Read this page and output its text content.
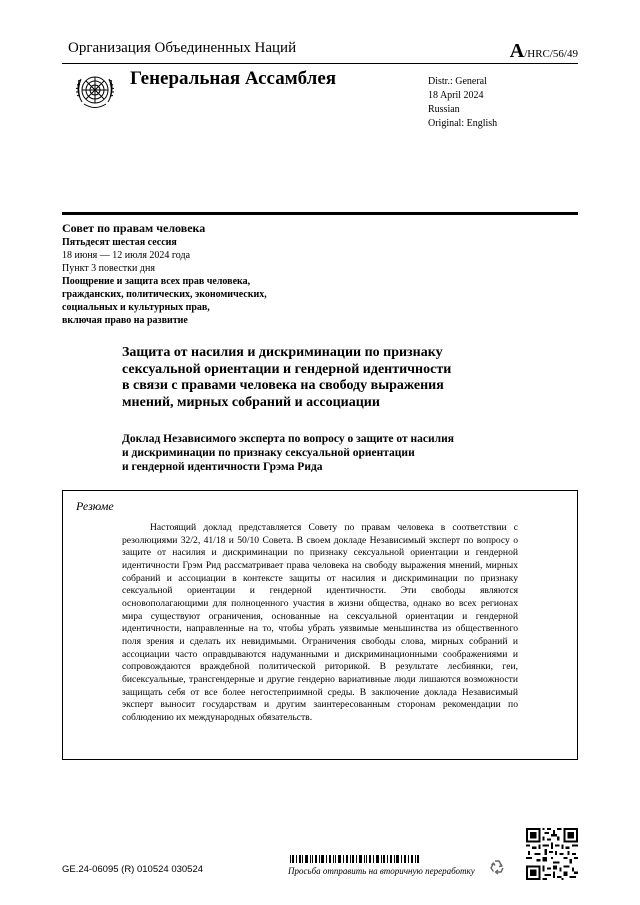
Организация Объединенных Наций	A/HRC/56/49
Генеральная Ассамблея	Distr.: General
18 April 2024
Russian
Original: English
Совет по правам человека
Пятьдесят шестая сессия
18 июня — 12 июля 2024 года
Пункт 3 повестки дня
Поощрение и защита всех прав человека,
гражданских, политических, экономических,
социальных и культурных прав,
включая право на развитие
Защита от насилия и дискриминации по признаку
сексуальной ориентации и гендерной идентичности
в связи с правами человека на свободу выражения
мнений, мирных собраний и ассоциации
Доклад Независимого эксперта по вопросу о защите от насилия
и дискриминации по признаку сексуальной ориентации
и гендерной идентичности Грэма Рида
Резюме
Настоящий доклад представляется Совету по правам человека в соответствии с резолюциями 32/2, 41/18 и 50/10 Совета. В своем докладе Независимый эксперт по вопросу о защите от насилия и дискриминации по признаку сексуальной ориентации и гендерной идентичности Грэм Рид рассматривает права человека на свободу выражения мнений, мирных собраний и ассоциации в контексте защиты от насилия и дискриминации по признаку сексуальной ориентации и гендерной идентичности. Эти свободы являются основополагающими для полноценного участия в жизни общества, однако во всех регионах мира существуют ограничения, основанные на сексуальной ориентации и гендерной идентичности, направленные на то, чтобы убрать уязвимые меньшинства из общественного поля зрения и сделать их невидимыми. Ограничения свободы слова, мирных собраний и ассоциации часто оправдываются надуманными и дискриминационными соображениями и сопровождаются враждебной политической риторикой. В результате лесбиянки, геи, бисексуальные, трансгендерные и другие гендерно вариативные люди лишаются возможности защищать себя от все более негостеприимной среды. В заключение доклада Независимый эксперт выносит государствам и другим заинтересованным сторонам рекомендации по соблюдению их международных обязательств.
GE.24-06095 (R) 010524 030524	Просьба отправить на вторичную переработку
